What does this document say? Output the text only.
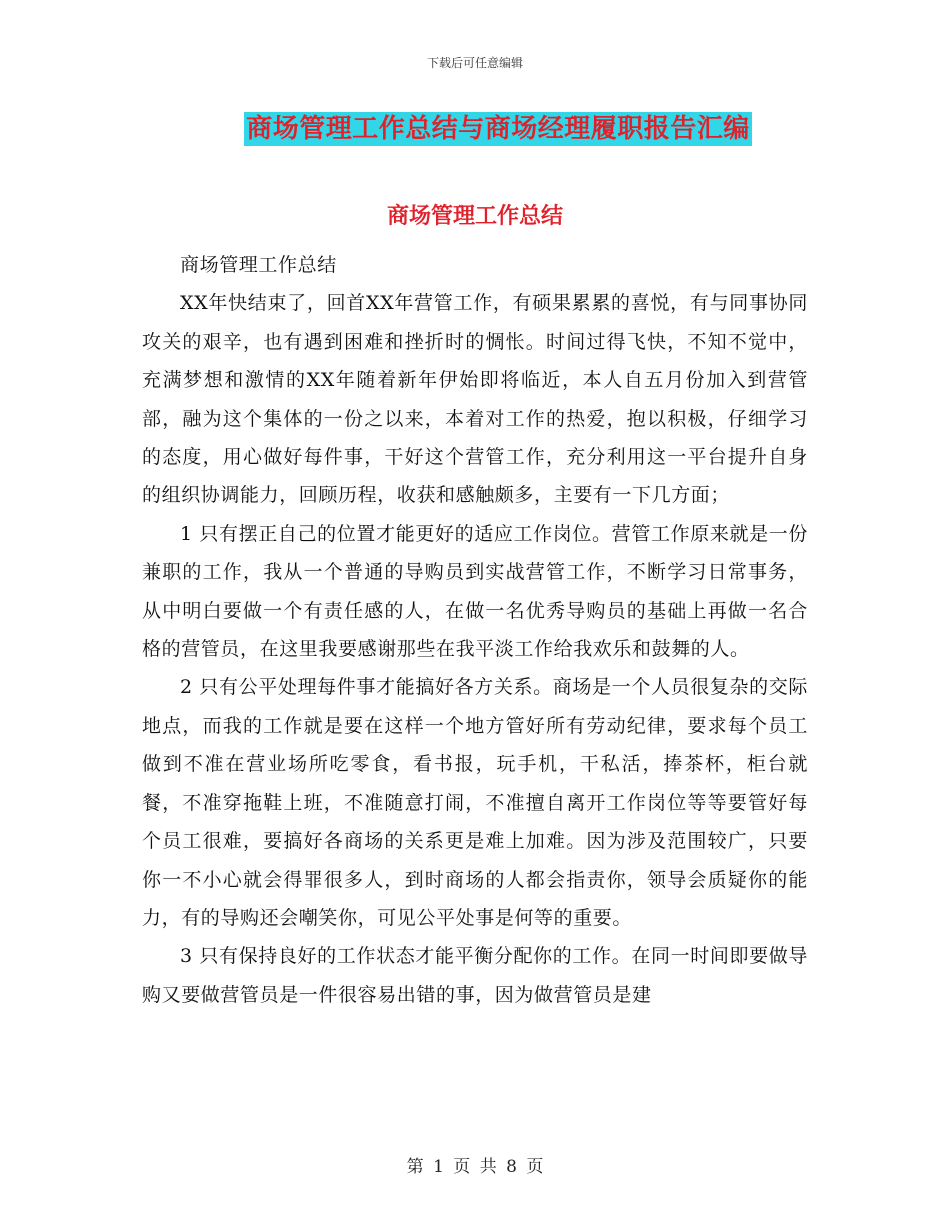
下载后可任意编辑
商场管理工作总结与商场经理履职报告汇编
商场管理工作总结

商场管理工作总结

XX年快结束了，回首XX年营管工作，有硕果累累的喜悦，有与同事协同攻关的艰辛，也有遇到困难和挫折时的惆怅。时间过得飞快，不知不觉中，充满梦想和激情的XX年随着新年伊始即将临近，本人自五月份加入到营管部，融为这个集体的一份之以来，本着对工作的热爱，抱以积极，仔细学习的态度，用心做好每件事，干好这个营管工作，充分利用这一平台提升自身的组织协调能力，回顾历程，收获和感触颇多，主要有一下几方面；

1 只有摆正自己的位置才能更好的适应工作岗位。营管工作原来就是一份兼职的工作，我从一个普通的导购员到实战营管工作，不断学习日常事务，从中明白要做一个有责任感的人，在做一名优秀导购员的基础上再做一名合格的营管员，在这里我要感谢那些在我平淡工作给我欢乐和鼓舞的人。

2 只有公平处理每件事才能搞好各方关系。商场是一个人员很复杂的交际地点，而我的工作就是要在这样一个地方管好所有劳动纪律，要求每个员工做到不准在营业场所吃零食，看书报，玩手机，干私活，捧茶杯，柜台就餐，不准穿拖鞋上班，不准随意打闹，不准擅自离开工作岗位等等要管好每个员工很难，要搞好各商场的关系更是难上加难。因为涉及范围较广，只要你一不小心就会得罪很多人，到时商场的人都会指责你，领导会质疑你的能力，有的导购还会嘲笑你，可见公平处事是何等的重要。

3 只有保持良好的工作状态才能平衡分配你的工作。在同一时间即要做导购又要做营管员是一件很容易出错的事，因为做营管员是建

第 1 页 共 8 页
